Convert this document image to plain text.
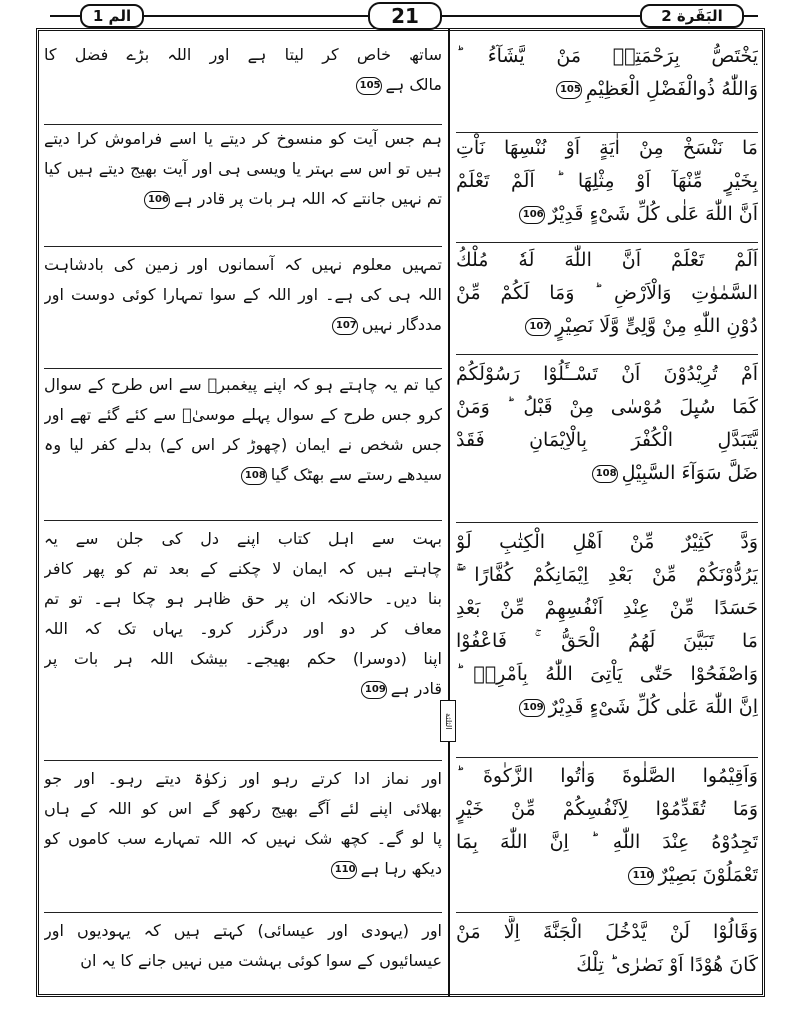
الم 1	21	البَقَرة 2
يَخْتَصُّ بِرَحْمَتِهٖ مَنْ يَّشَآءُ ؕ
وَاللّٰهُ ذُوالْفَضْلِ الْعَظِيْمِ105
مَا نَنْسَخْ مِنْ اٰيَةٍ اَوْ نُنْسِهَا نَاْتِ
بِخَيْرٍ مِّنْهَآ اَوْ مِثْلِهَا ؕ اَلَمْ تَعْلَمْ
اَنَّ اللّٰهَ عَلٰى كُلِّ شَىْءٍ قَدِيْرٌ106
اَلَمْ تَعْلَمْ اَنَّ اللّٰهَ لَهٗ مُلْكُ
السَّمٰوٰتِ وَالْاَرْضِ ؕ وَمَا لَكُمْ مِّنْ
دُوْنِ اللّٰهِ مِنْ وَّلِىٍّ وَّلَا نَصِيْرٍ107
اَمْ تُرِيْدُوْنَ اَنْ تَسْــَٔلُوْا رَسُوْلَكُمْ
كَمَا سُىِٕلَ مُوْسٰى مِنْ قَبْلُ ؕ وَمَنْ
يَّتَبَدَّلِ الْكُفْرَ بِالْاِيْمَانِ فَقَدْ
ضَلَّ سَوَآءَ السَّبِيْلِ108
وَدَّ كَثِيْرٌ مِّنْ اَهْلِ الْكِتٰبِ لَوْ
يَرُدُّوْنَكُمْ مِّنْ بَعْدِ اِيْمَانِكُمْ كُفَّارًا ۖۚ
حَسَدًا مِّنْ عِنْدِ اَنْفُسِهِمْ مِّنْ بَعْدِ
مَا تَبَيَّنَ لَهُمُ الْحَقُّ ۚ فَاعْفُوْا
وَاصْفَحُوْا حَتّٰى يَاْتِىَ اللّٰهُ بِاَمْرِهٖ ؕ
اِنَّ اللّٰهَ عَلٰى كُلِّ شَىْءٍ قَدِيْرٌ109
وَاَقِيْمُوا الصَّلٰوةَ وَاٰتُوا الزَّكٰوةَ ؕ
وَمَا تُقَدِّمُوْا لِاَنْفُسِكُمْ مِّنْ خَيْرٍ
تَجِدُوْهُ عِنْدَ اللّٰهِ ؕ اِنَّ اللّٰهَ بِمَا
تَعْمَلُوْنَ بَصِيْرٌ110
وَقَالُوْا لَنْ يَّدْخُلَ الْجَنَّةَ اِلَّا مَنْ
كَانَ هُوْدًا اَوْ نَصٰرٰى ؕ تِلْكَ
ساتھ خاص کر لیتا ہے اور اللہ بڑے فضل کا
مالک ہے105
ہم جس آیت کو منسوخ کر دیتے یا اسے فراموش کرا دیتے
ہیں تو اس سے بہتر یا ویسی ہی اور آیت بھیج دیتے ہیں کیا
تم نہیں جانتے کہ اللہ ہر بات پر قادر ہے106
تمہیں معلوم نہیں کہ آسمانوں اور زمین کی بادشاہت
اللہ ہی کی ہے۔ اور اللہ کے سوا تمہارا کوئی دوست اور
مددگار نہیں107
کیا تم یہ چاہتے ہو کہ اپنے پیغمبرؐ سے اس طرح کے سوال
کرو جس طرح کے سوال پہلے موسیٰؑ سے کئے گئے تھے اور
جس شخص نے ایمان (چھوڑ کر اس کے) بدلے کفر لیا وہ
سیدھے رستے سے بھٹک گیا108
بہت سے اہل کتاب اپنے دل کی جلن سے یہ
چاہتے ہیں کہ ایمان لا چکنے کے بعد تم کو پھر کافر
بنا دیں۔ حالانکہ ان پر حق ظاہر ہو چکا ہے۔ تو تم
معاف کر دو اور درگزر کرو۔ یہاں تک کہ اللہ
اپنا (دوسرا) حکم بھیجے۔ بیشک اللہ ہر بات پر
قادر ہے109
اور نماز ادا کرتے رہو اور زکوٰۃ دیتے رہو۔ اور جو
بھلائی اپنے لئے آگے بھیج رکھو گے اس کو اللہ کے ہاں
پا لو گے۔ کچھ شک نہیں کہ اللہ تمہارے سب کاموں کو
دیکھ رہا ہے110
اور (یہودی اور عیسائی) کہتے ہیں کہ یہودیوں اور
عیسائیوں کے سوا کوئی بہشت میں نہیں جانے کا یہ ان
الثلثة
